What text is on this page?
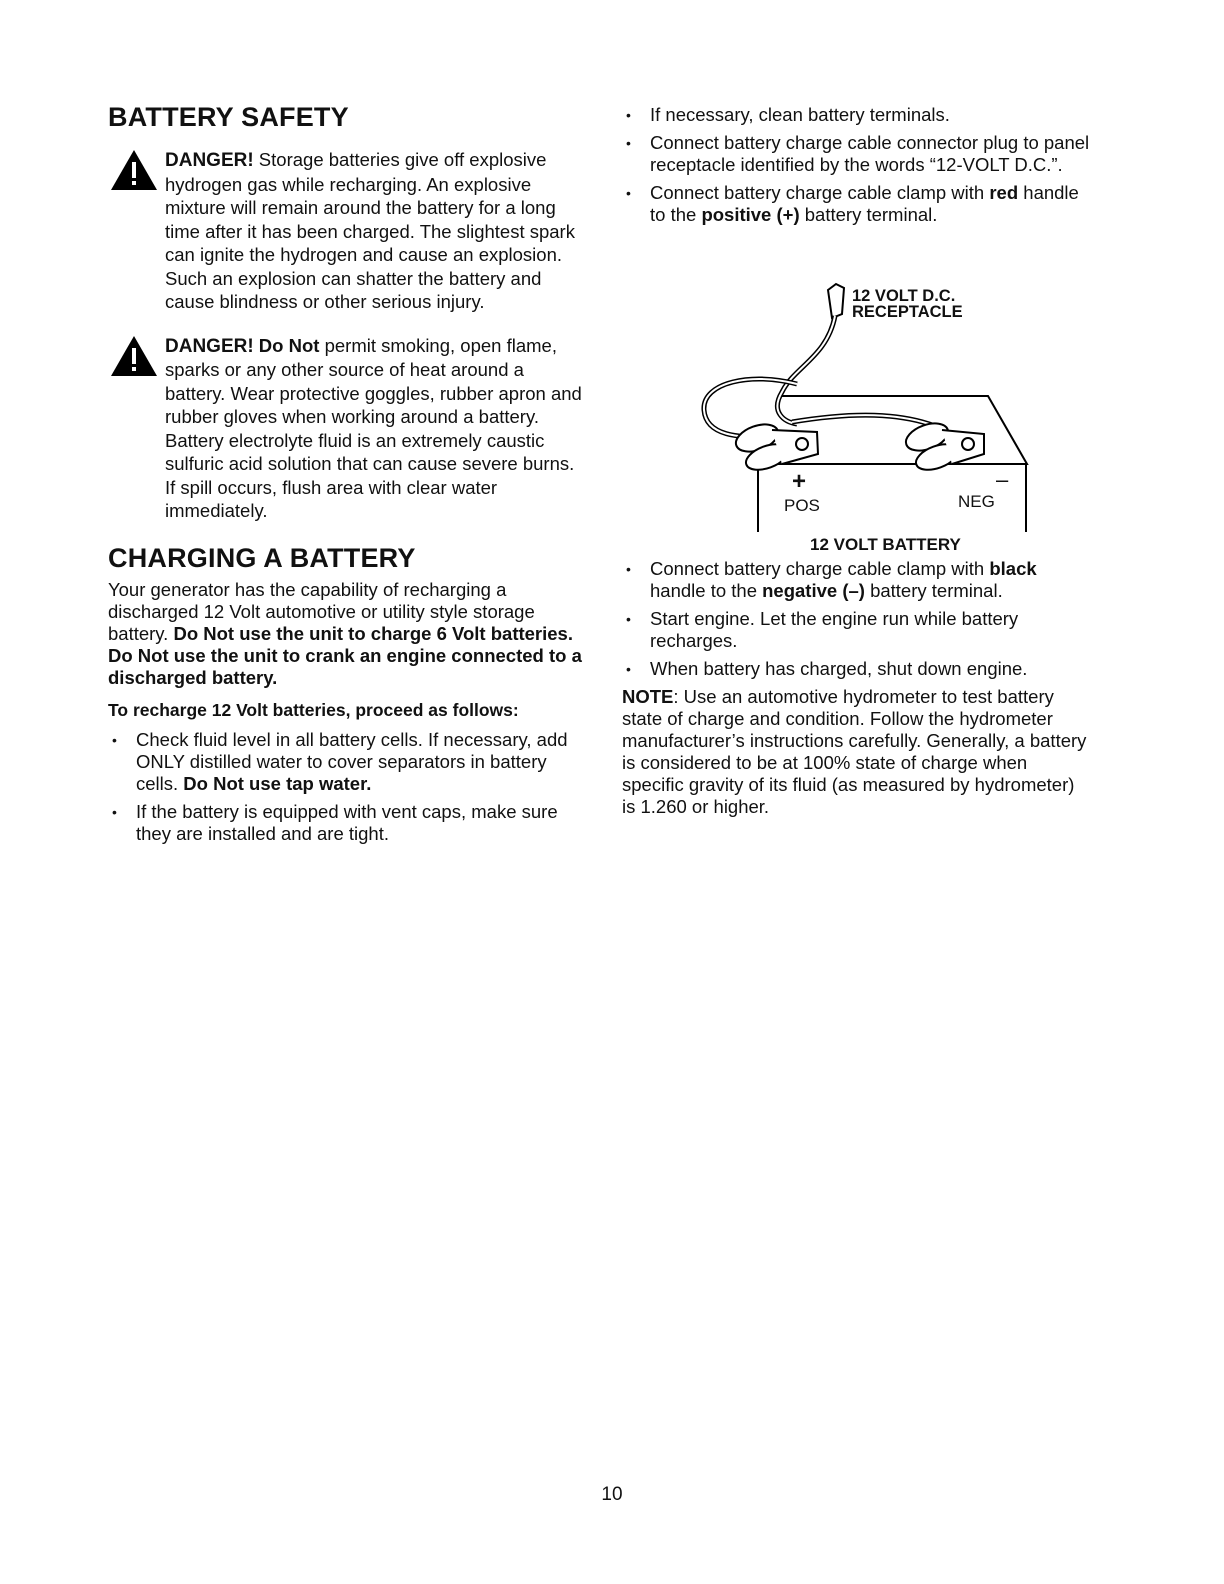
BATTERY SAFETY
DANGER! Storage batteries give off explosive hydrogen gas while recharging. An explosive mixture will remain around the battery for a long time after it has been charged. The slightest spark can ignite the hydrogen and cause an explosion. Such an explosion can shatter the battery and cause blindness or other serious injury.
DANGER! Do Not permit smoking, open flame, sparks or any other source of heat around a battery. Wear protective goggles, rubber apron and rubber gloves when working around a battery. Battery electrolyte fluid is an extremely caustic sulfuric acid solution that can cause severe burns. If spill occurs, flush area with clear water immediately.
CHARGING A BATTERY
Your generator has the capability of recharging a discharged 12 Volt automotive or utility style storage battery. Do Not use the unit to charge 6 Volt batteries. Do Not use the unit to crank an engine connected to a discharged battery.
To recharge 12 Volt batteries, proceed as follows:
• Check fluid level in all battery cells. If necessary, add ONLY distilled water to cover separators in battery cells. Do Not use tap water.
• If the battery is equipped with vent caps, make sure they are installed and are tight.
• If necessary, clean battery terminals.
• Connect battery charge cable connector plug to panel receptacle identified by the words “12-VOLT D.C.”.
• Connect battery charge cable clamp with red handle to the positive (+) battery terminal.
12 VOLT D.C.
RECEPTACLE
+	–
POS	NEG
12 VOLT BATTERY
• Connect battery charge cable clamp with black handle to the negative (–) battery terminal.
• Start engine. Let the engine run while battery recharges.
• When battery has charged, shut down engine.
NOTE: Use an automotive hydrometer to test battery state of charge and condition. Follow the hydrometer manufacturer’s instructions carefully. Generally, a battery is considered to be at 100% state of charge when specific gravity of its fluid (as measured by hydrometer) is 1.260 or higher.
10
